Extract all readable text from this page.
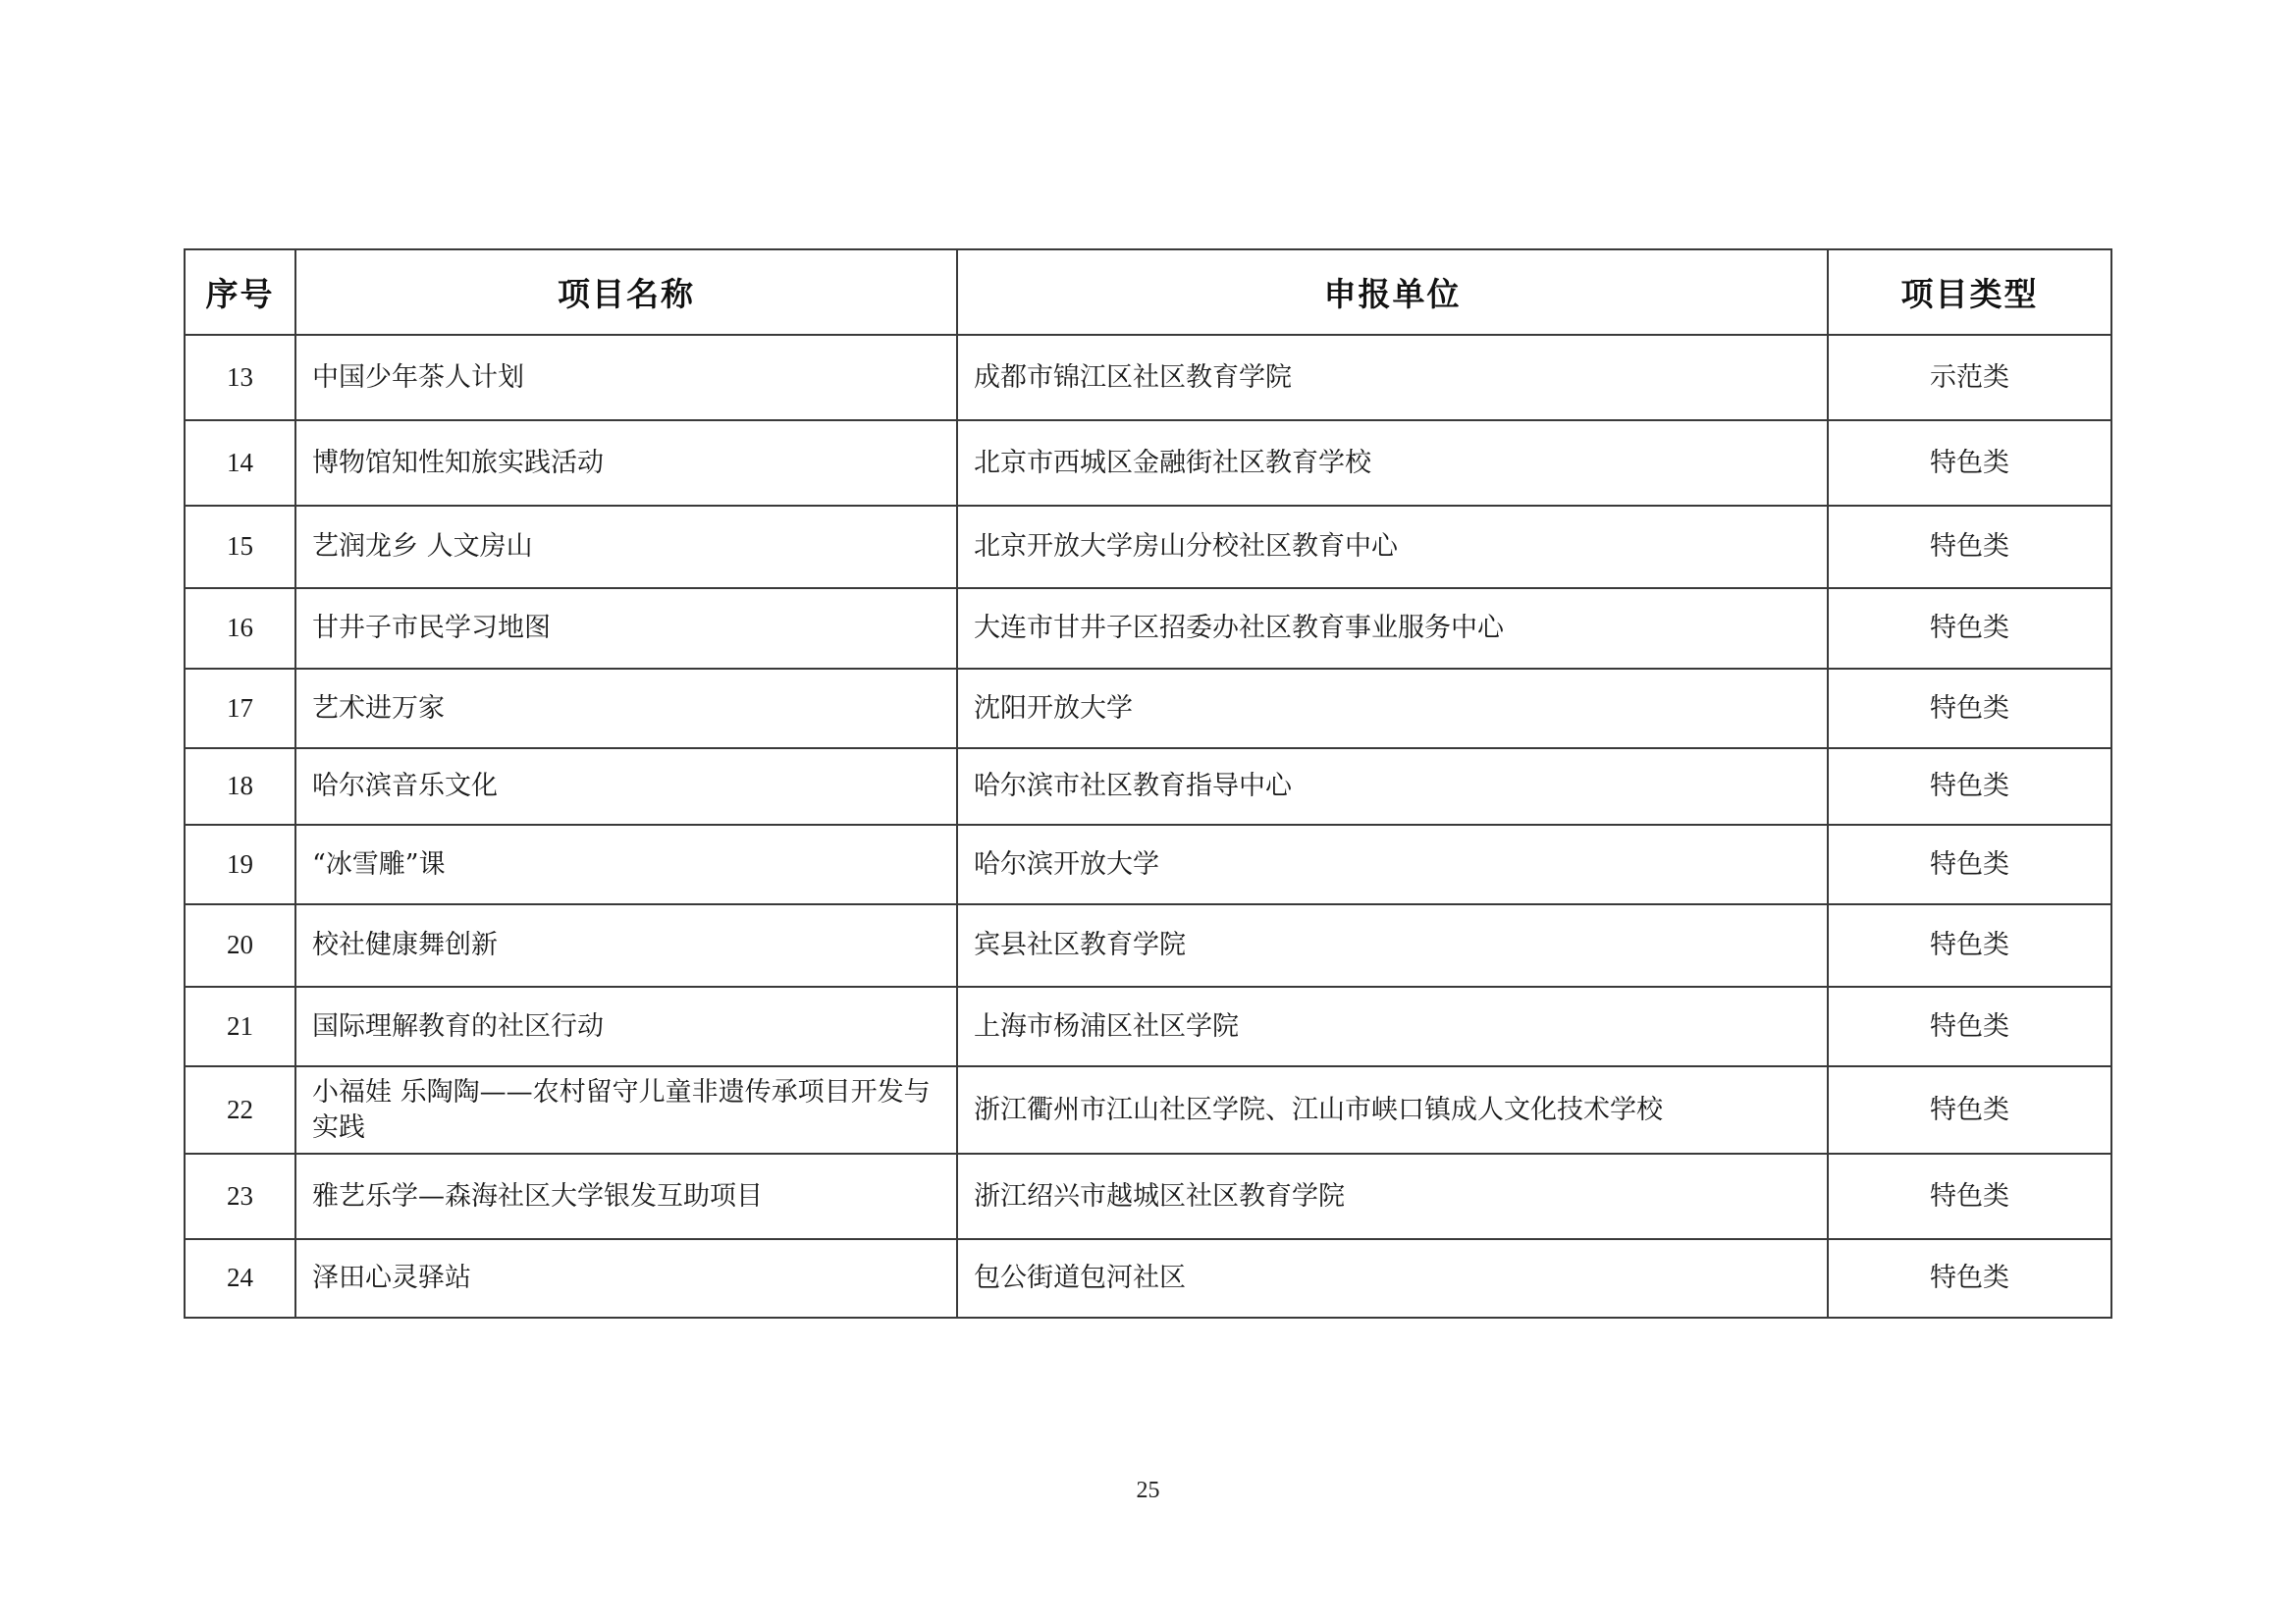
序号	项目名称	申报单位	项目类型
13	中国少年茶人计划	成都市锦江区社区教育学院	示范类
14	博物馆知性知旅实践活动	北京市西城区金融街社区教育学校	特色类
15	艺润龙乡 人文房山	北京开放大学房山分校社区教育中心	特色类
16	甘井子市民学习地图	大连市甘井子区招委办社区教育事业服务中心	特色类
17	艺术进万家	沈阳开放大学	特色类
18	哈尔滨音乐文化	哈尔滨市社区教育指导中心	特色类
19	“冰雪雕”课	哈尔滨开放大学	特色类
20	校社健康舞创新	宾县社区教育学院	特色类
21	国际理解教育的社区行动	上海市杨浦区社区学院	特色类
22	小福娃 乐陶陶——农村留守儿童非遗传承项目开发与实践	浙江衢州市江山社区学院、江山市峡口镇成人文化技术学校	特色类
23	雅艺乐学—森海社区大学银发互助项目	浙江绍兴市越城区社区教育学院	特色类
24	泽田心灵驿站	包公街道包河社区	特色类
25
